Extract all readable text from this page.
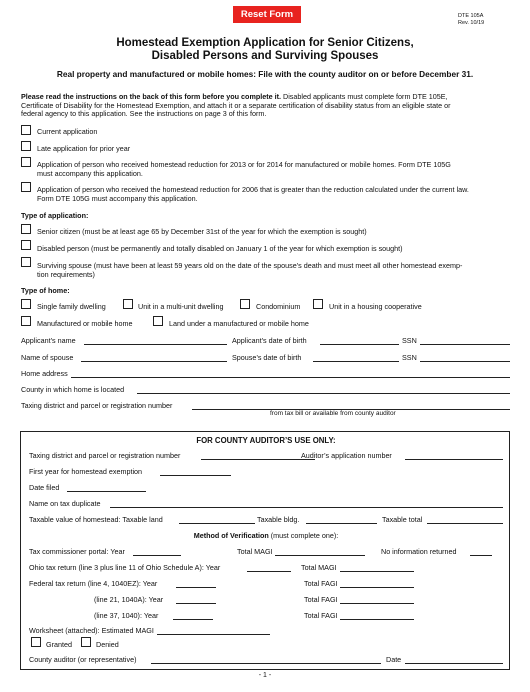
Reset Form	DTE 105A
Rev. 10/19
Homestead Exemption Application for Senior Citizens,
Disabled Persons and Surviving Spouses
Real property and manufactured or mobile homes: File with the county auditor on or before December 31.
Please read the instructions on the back of this form before you complete it. Disabled applicants must complete form DTE 105E,
Certificate of Disability for the Homestead Exemption, and attach it or a separate certification of disability status from an eligible state or
federal agency to this application. See the instructions on page 3 of this form.
Current application
Late application for prior year
Application of person who received homestead reduction for 2013 or for 2014 for manufactured or mobile homes. Form DTE 105G
must accompany this application.
Application of person who received the homestead reduction for 2006 that is greater than the reduction calculated under the current law.
Form DTE 105G must accompany this application.
Type of application:
Senior citizen (must be at least age 65 by December 31st of the year for which the exemption is sought)
Disabled person (must be permanently and totally disabled on January 1 of the year for which exemption is sought)
Surviving spouse (must have been at least 59 years old on the date of the spouse’s death and must meet all other homestead exemp-
tion requirements)
Type of home:
Single family dwelling	Unit in a multi-unit dwelling	Condominium	Unit in a housing cooperative
Manufactured or mobile home	Land under a manufactured or mobile home
Applicant’s name	Applicant’s date of birth	SSN
Name of spouse	Spouse’s date of birth	SSN
Home address
County in which home is located
Taxing district and parcel or registration number
from tax bill or available from county auditor
FOR COUNTY AUDITOR’S USE ONLY:
Taxing district and parcel or registration number	Auditor’s application number
First year for homestead exemption
Date filed
Name on tax duplicate
Taxable value of homestead: Taxable land	Taxable bldg.	Taxable total
Method of Verification (must complete one):
Tax commissioner portal: Year	Total MAGI	No information returned
Ohio tax return (line 3 plus line 11 of Ohio Schedule A): Year	Total MAGI
Federal tax return (line 4, 1040EZ): Year	Total FAGI
(line 21, 1040A): Year	Total FAGI
(line 37, 1040): Year	Total FAGI
Worksheet (attached): Estimated MAGI
Granted	Denied
County auditor (or representative)	Date
- 1 -
